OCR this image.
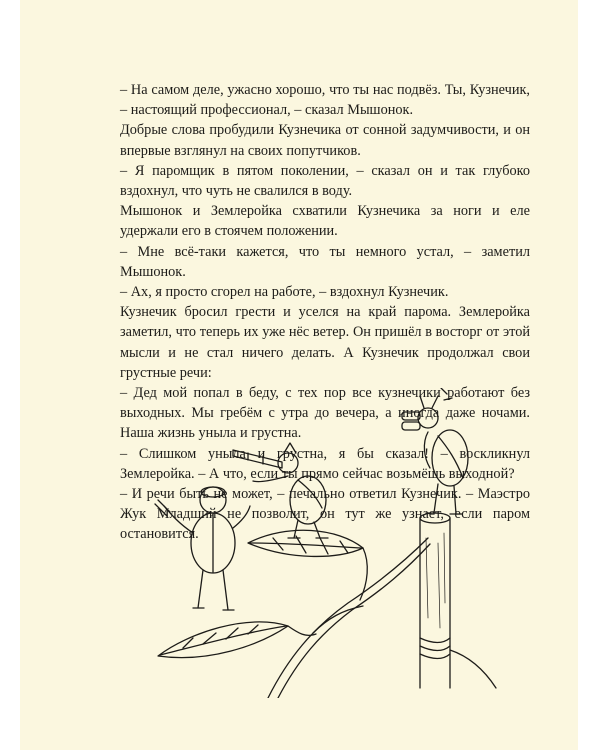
– На самом деле, ужасно хорошо, что ты нас подвёз. Ты, Кузнечик, – настоящий профессионал, – сказал Мышонок.

Добрые слова пробудили Кузнечика от сонной задумчивости, и он впервые взглянул на своих попутчиков.

– Я паромщик в пятом поколении, – сказал он и так глубоко вздохнул, что чуть не свалился в воду.

Мышонок и Землеройка схватили Кузнечика за ноги и еле удержали его в стоячем положении.

– Мне всё-таки кажется, что ты немного устал, – заметил Мышонок.

– Ах, я просто сгорел на работе, – вздохнул Кузнечик.

Кузнечик бросил грести и уселся на край парома. Землеройка заметил, что теперь их уже нёс ветер. Он пришёл в восторг от этой мысли и не стал ничего делать. А Кузнечик продолжал свои грустные речи:

– Дед мой попал в беду, с тех пор все кузнечики работают без выходных. Мы гребём с утра до вечера, а иногда даже ночами. Наша жизнь уныла и грустна.

– Слишком уныла и грустна, я бы сказал! – воскликнул Землеройка. – А что, если ты прямо сейчас возьмёшь выходной?

– И речи быть не может, – печально ответил Кузнечик. – Маэстро Жук Младший не позволит, он тут же узнает, если паром остановится.
